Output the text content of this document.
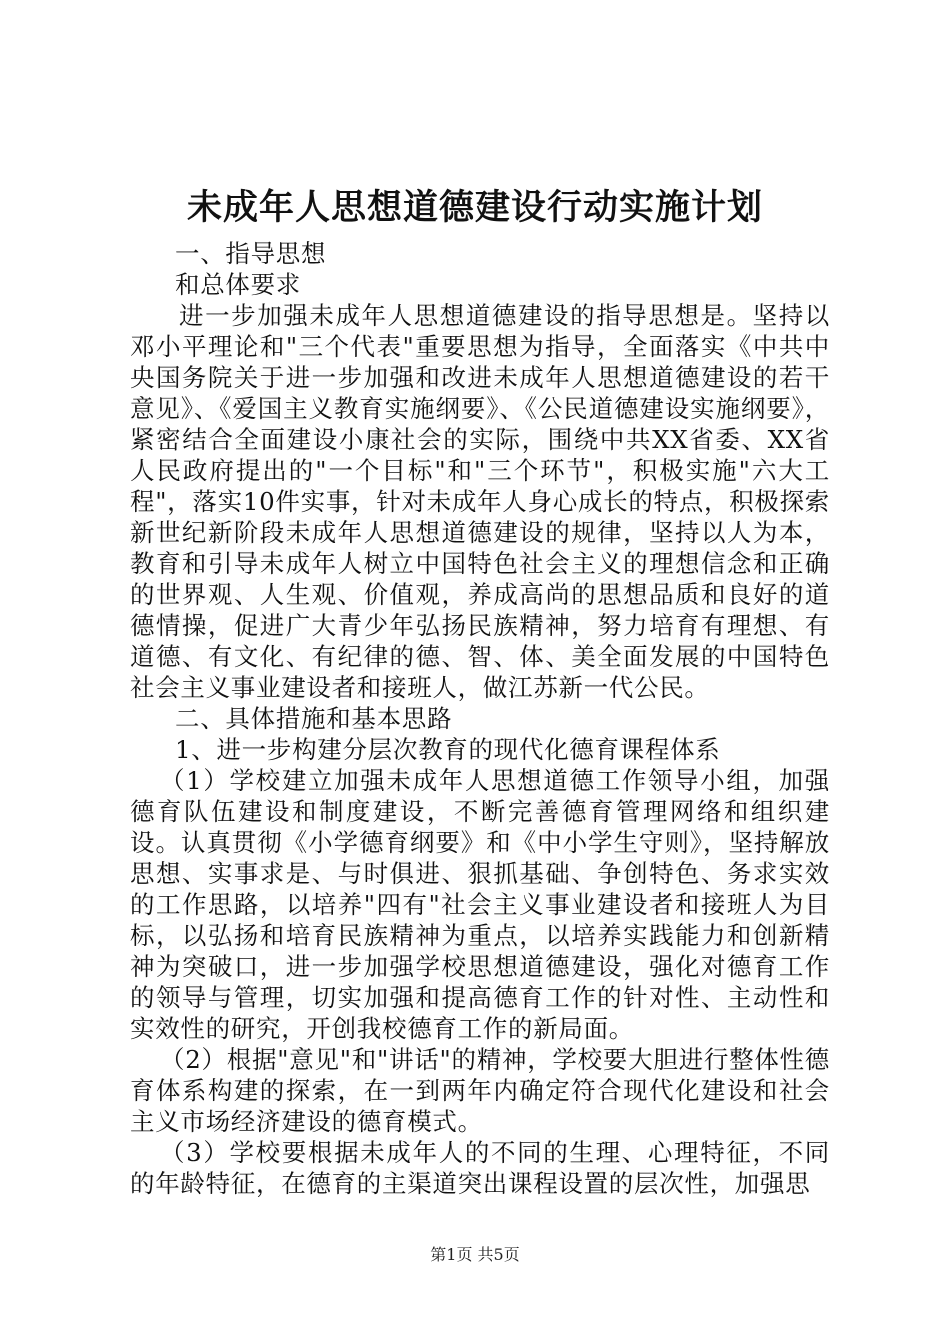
未成年人思想道德建设行动实施计划

一、指导思想

和总体要求

进一步加强未成年人思想道德建设的指导思想是。坚持以邓小平理论和"三个代表"重要思想为指导，全面落实《中共中央国务院关于进一步加强和改进未成年人思想道德建设的若干意见》、《爱国主义教育实施纲要》、《公民道德建设实施纲要》，紧密结合全面建设小康社会的实际，围绕中共XX省委、XX省人民政府提出的"一个目标"和"三个环节"，积极实施"六大工程"，落实10件实事，针对未成年人身心成长的特点，积极探索新世纪新阶段未成年人思想道德建设的规律，坚持以人为本，教育和引导未成年人树立中国特色社会主义的理想信念和正确的世界观、人生观、价值观，养成高尚的思想品质和良好的道德情操，促进广大青少年弘扬民族精神，努力培育有理想、有道德、有文化、有纪律的德、智、体、美全面发展的中国特色社会主义事业建设者和接班人，做江苏新一代公民。

二、具体措施和基本思路

1、进一步构建分层次教育的现代化德育课程体系

（1）学校建立加强未成年人思想道德工作领导小组，加强德育队伍建设和制度建设，不断完善德育管理网络和组织建设。认真贯彻《小学德育纲要》和《中小学生守则》，坚持解放思想、实事求是、与时俱进、狠抓基础、争创特色、务求实效的工作思路，以培养"四有"社会主义事业建设者和接班人为目标，以弘扬和培育民族精神为重点，以培养实践能力和创新精神为突破口，进一步加强学校思想道德建设，强化对德育工作的领导与管理，切实加强和提高德育工作的针对性、主动性和实效性的研究，开创我校德育工作的新局面。

（2）根据"意见"和"讲话"的精神，学校要大胆进行整体性德育体系构建的探索，在一到两年内确定符合现代化建设和社会主义市场经济建设的德育模式。

（3）学校要根据未成年人的不同的生理、心理特征，不同的年龄特征，在德育的主渠道突出课程设置的层次性，加强思

第1页 共5页
